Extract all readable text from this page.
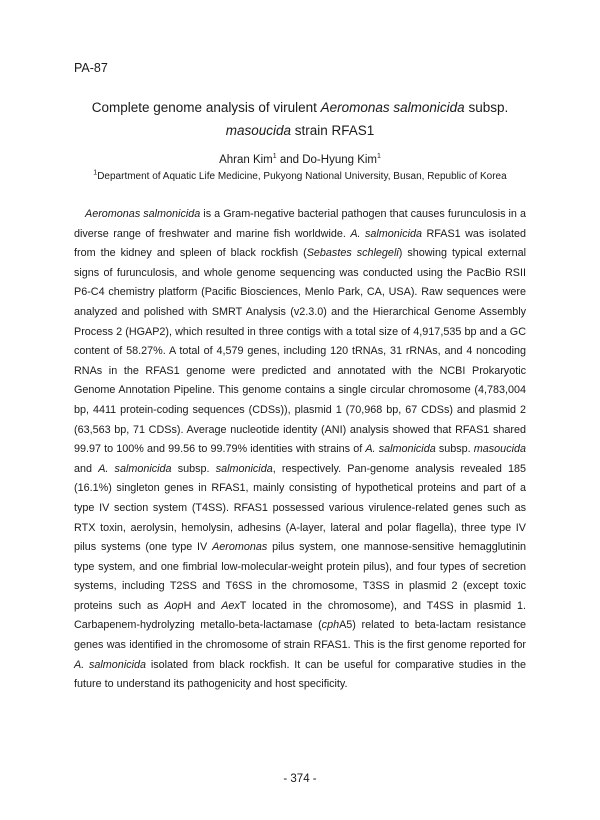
PA-87
Complete genome analysis of virulent Aeromonas salmonicida subsp.
masoucida strain RFAS1
Ahran Kim$^1$ and Do-Hyung Kim$^1$
$^1$Department of Aquatic Life Medicine, Pukyong National University, Busan, Republic of Korea

Aeromonas salmonicida is a Gram-negative bacterial pathogen that causes furunculosis in a diverse range of freshwater and marine fish worldwide. A. salmonicida RFAS1 was isolated from the kidney and spleen of black rockfish (Sebastes schlegeli) showing typical external signs of furunculosis, and whole genome sequencing was conducted using the PacBio RSII P6-C4 chemistry platform (Pacific Biosciences, Menlo Park, CA, USA). Raw sequences were analyzed and polished with SMRT Analysis (v2.3.0) and the Hierarchical Genome Assembly Process 2 (HGAP2), which resulted in three contigs with a total size of 4,917,535 bp and a GC content of 58.27%. A total of 4,579 genes, including 120 tRNAs, 31 rRNAs, and 4 noncoding RNAs in the RFAS1 genome were predicted and annotated with the NCBI Prokaryotic Genome Annotation Pipeline. This genome contains a single circular chromosome (4,783,004 bp, 4411 protein-coding sequences (CDSs)), plasmid 1 (70,968 bp, 67 CDSs) and plasmid 2 (63,563 bp, 71 CDSs). Average nucleotide identity (ANI) analysis showed that RFAS1 shared 99.97 to 100% and 99.56 to 99.79% identities with strains of A. salmonicida subsp. masoucida and A. salmonicida subsp. salmonicida, respectively. Pan-genome analysis revealed 185 (16.1%) singleton genes in RFAS1, mainly consisting of hypothetical proteins and part of a type IV section system (T4SS). RFAS1 possessed various virulence-related genes such as RTX toxin, aerolysin, hemolysin, adhesins (A-layer, lateral and polar flagella), three type IV pilus systems (one type IV Aeromonas pilus system, one mannose-sensitive hemagglutinin type system, and one fimbrial low-molecular-weight protein pilus), and four types of secretion systems, including T2SS and T6SS in the chromosome, T3SS in plasmid 2 (except toxic proteins such as AopH and AexT located in the chromosome), and T4SS in plasmid 1. Carbapenem-hydrolyzing metallo-beta-lactamase (cphA5) related to beta-lactam resistance genes was identified in the chromosome of strain RFAS1. This is the first genome reported for A. salmonicida isolated from black rockfish. It can be useful for comparative studies in the future to understand its pathogenicity and host specificity.

- 374 -
